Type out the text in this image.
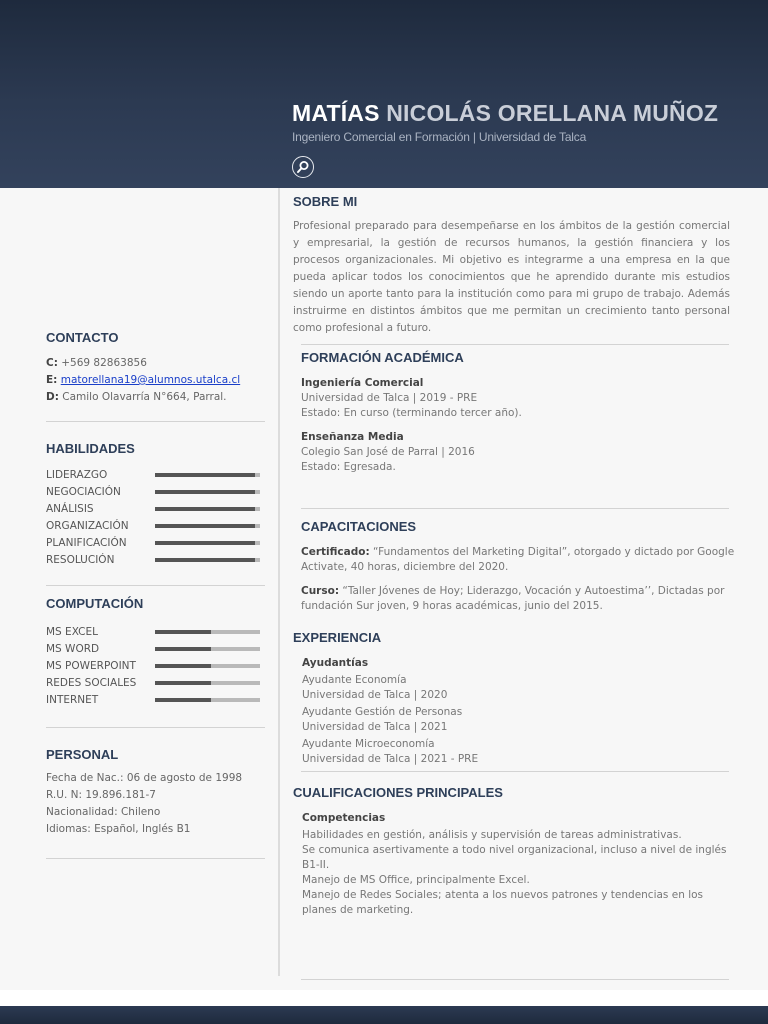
MATÍAS NICOLÁS ORELLANA MUÑOZ
Ingeniero Comercial en Formación | Universidad de Talca
CONTACTO
C: +569 82863856
E: matorellana19@alumnos.utalca.cl
D: Camilo Olavarría N°664, Parral.
HABILIDADES
LIDERAZGO
NEGOCIACIÓN
ANÁLISIS
ORGANIZACIÓN
PLANIFICACIÓN
RESOLUCIÓN
COMPUTACIÓN
MS EXCEL
MS WORD
MS POWERPOINT
REDES SOCIALES
INTERNET
PERSONAL
Fecha de Nac.: 06 de agosto de 1998
R.U. N: 19.896.181-7
Nacionalidad: Chileno
Idiomas: Español, Inglés B1
SOBRE MI

Profesional preparado para desempeñarse en los ámbitos de la gestión comercial y empresarial, la gestión de recursos humanos, la gestión financiera y los procesos organizacionales. Mi objetivo es integrarme a una empresa en la que pueda aplicar todos los conocimientos que he aprendido durante mis estudios siendo un aporte tanto para la institución como para mi grupo de trabajo. Además instruirme en distintos ámbitos que me permitan un crecimiento tanto personal como profesional a futuro.

FORMACIÓN ACADÉMICA
Ingeniería Comercial
Universidad de Talca | 2019 - PRE
Estado: En curso (terminando tercer año).
Enseñanza Media
Colegio San José de Parral | 2016
Estado: Egresada.
CAPACITACIONES
Certificado: “Fundamentos del Marketing Digital”, otorgado y dictado por Google Activate, 40 horas, diciembre del 2020.
Curso: “Taller Jóvenes de Hoy; Liderazgo, Vocación y Autoestima’’, Dictadas por fundación Sur joven, 9 horas académicas, junio del 2015.
EXPERIENCIA
Ayudantías
Ayudante Economía
Universidad de Talca | 2020
Ayudante Gestión de Personas
Universidad de Talca | 2021
Ayudante Microeconomía
Universidad de Talca | 2021 - PRE
CUALIFICACIONES PRINCIPALES
Competencias
Habilidades en gestión, análisis y supervisión de tareas administrativas.
Se comunica asertivamente a todo nivel organizacional, incluso a nivel de inglés B1-II.
Manejo de MS Office, principalmente Excel.
Manejo de Redes Sociales; atenta a los nuevos patrones y tendencias en los planes de marketing.
